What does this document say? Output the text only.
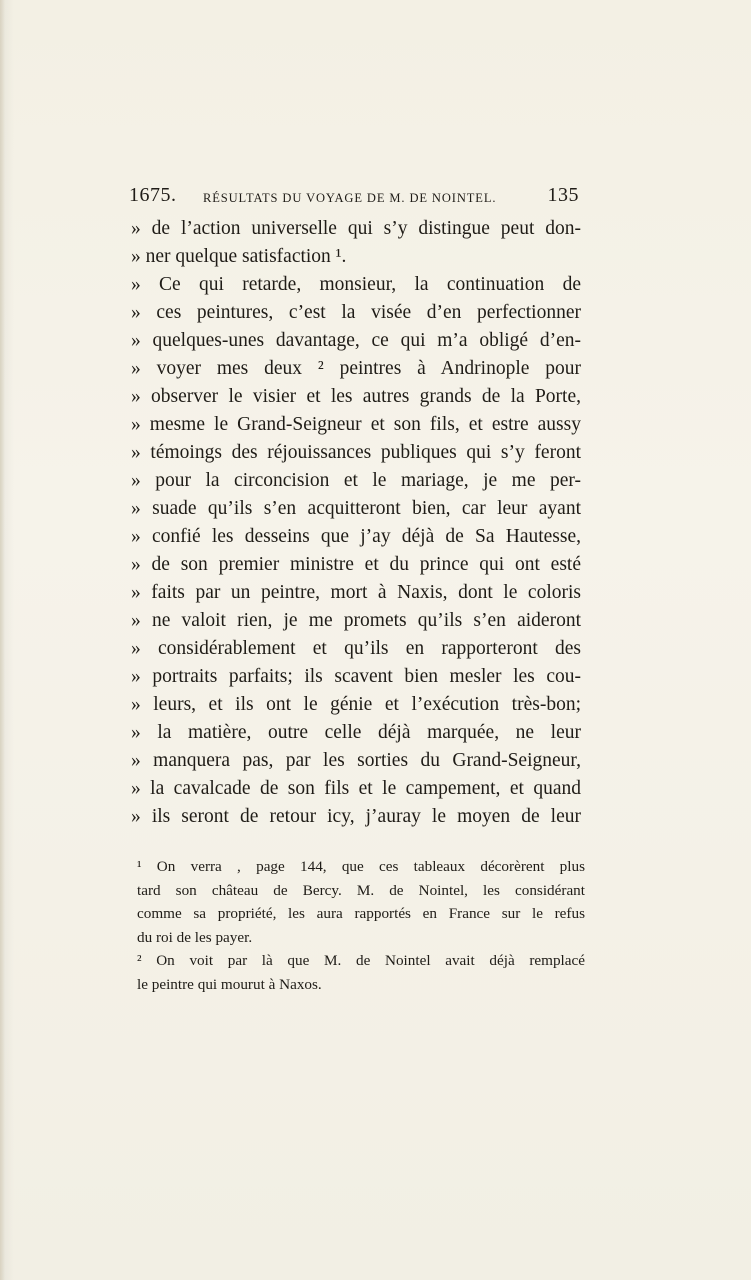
1675. RÉSULTATS DU VOYAGE DE M. DE NOINTEL.	135
» de l’action universelle qui s’y distingue peut don-
» ner quelque satisfaction ¹.
» Ce qui retarde, monsieur, la continuation de
» ces peintures, c’est la visée d’en perfectionner
» quelques-unes davantage, ce qui m’a obligé d’en-
» voyer mes deux ² peintres à Andrinople pour
» observer le visier et les autres grands de la Porte,
» mesme le Grand-Seigneur et son fils, et estre aussy
» témoings des réjouissances publiques qui s’y feront
» pour la circoncision et le mariage, je me per-
» suade qu’ils s’en acquitteront bien, car leur ayant
» confié les desseins que j’ay déjà de Sa Hautesse,
» de son premier ministre et du prince qui ont esté
» faits par un peintre, mort à Naxis, dont le coloris
» ne valoit rien, je me promets qu’ils s’en aideront
» considérablement et qu’ils en rapporteront des
» portraits parfaits; ils scavent bien mesler les cou-
» leurs, et ils ont le génie et l’exécution très-bon;
» la matière, outre celle déjà marquée, ne leur
» manquera pas, par les sorties du Grand-Seigneur,
» la cavalcade de son fils et le campement, et quand
» ils seront de retour icy, j’auray le moyen de leur
¹ On verra , page 144, que ces tableaux décorèrent plus
tard son château de Bercy. M. de Nointel, les considérant
comme sa propriété, les aura rapportés en France sur le refus
du roi de les payer.
² On voit par là que M. de Nointel avait déjà remplacé
le peintre qui mourut à Naxos.
